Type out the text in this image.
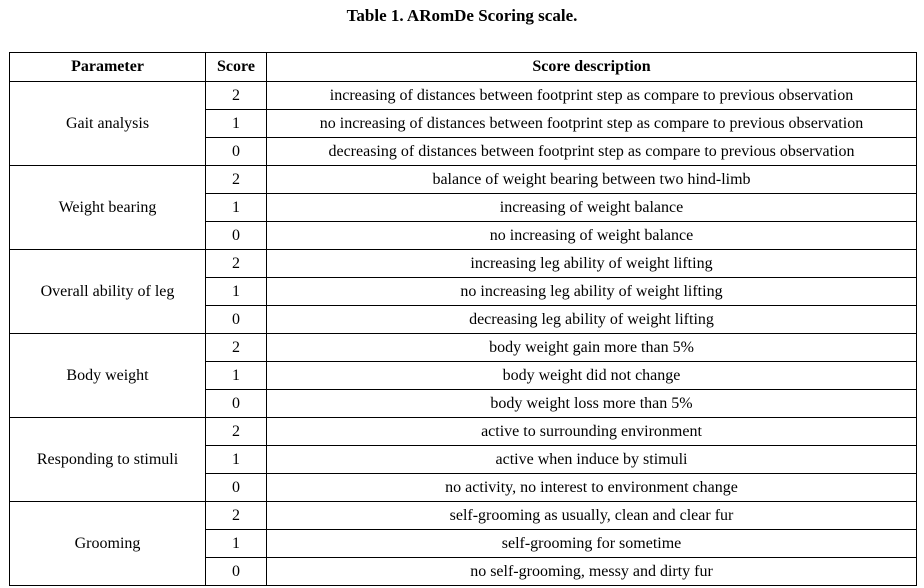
Table 1. ARomDe Scoring scale.
Parameter	Score	Score description
Gait analysis	2	increasing of distances between footprint step as compare to previous observation
	1	no increasing of distances between footprint step as compare to previous observation
	0	decreasing of distances between footprint step as compare to previous observation
Weight bearing	2	balance of weight bearing between two hind-limb
	1	increasing of weight balance
	0	no increasing of weight balance
Overall ability of leg	2	increasing leg ability of weight lifting
	1	no increasing leg ability of weight lifting
	0	decreasing leg ability of weight lifting
Body weight	2	body weight gain more than 5%
	1	body weight did not change
	0	body weight loss more than 5%
Responding to stimuli	2	active to surrounding environment
	1	active when induce by stimuli
	0	no activity, no interest to environment change
Grooming	2	self-grooming as usually, clean and clear fur
	1	self-grooming for sometime
	0	no self-grooming, messy and dirty fur
